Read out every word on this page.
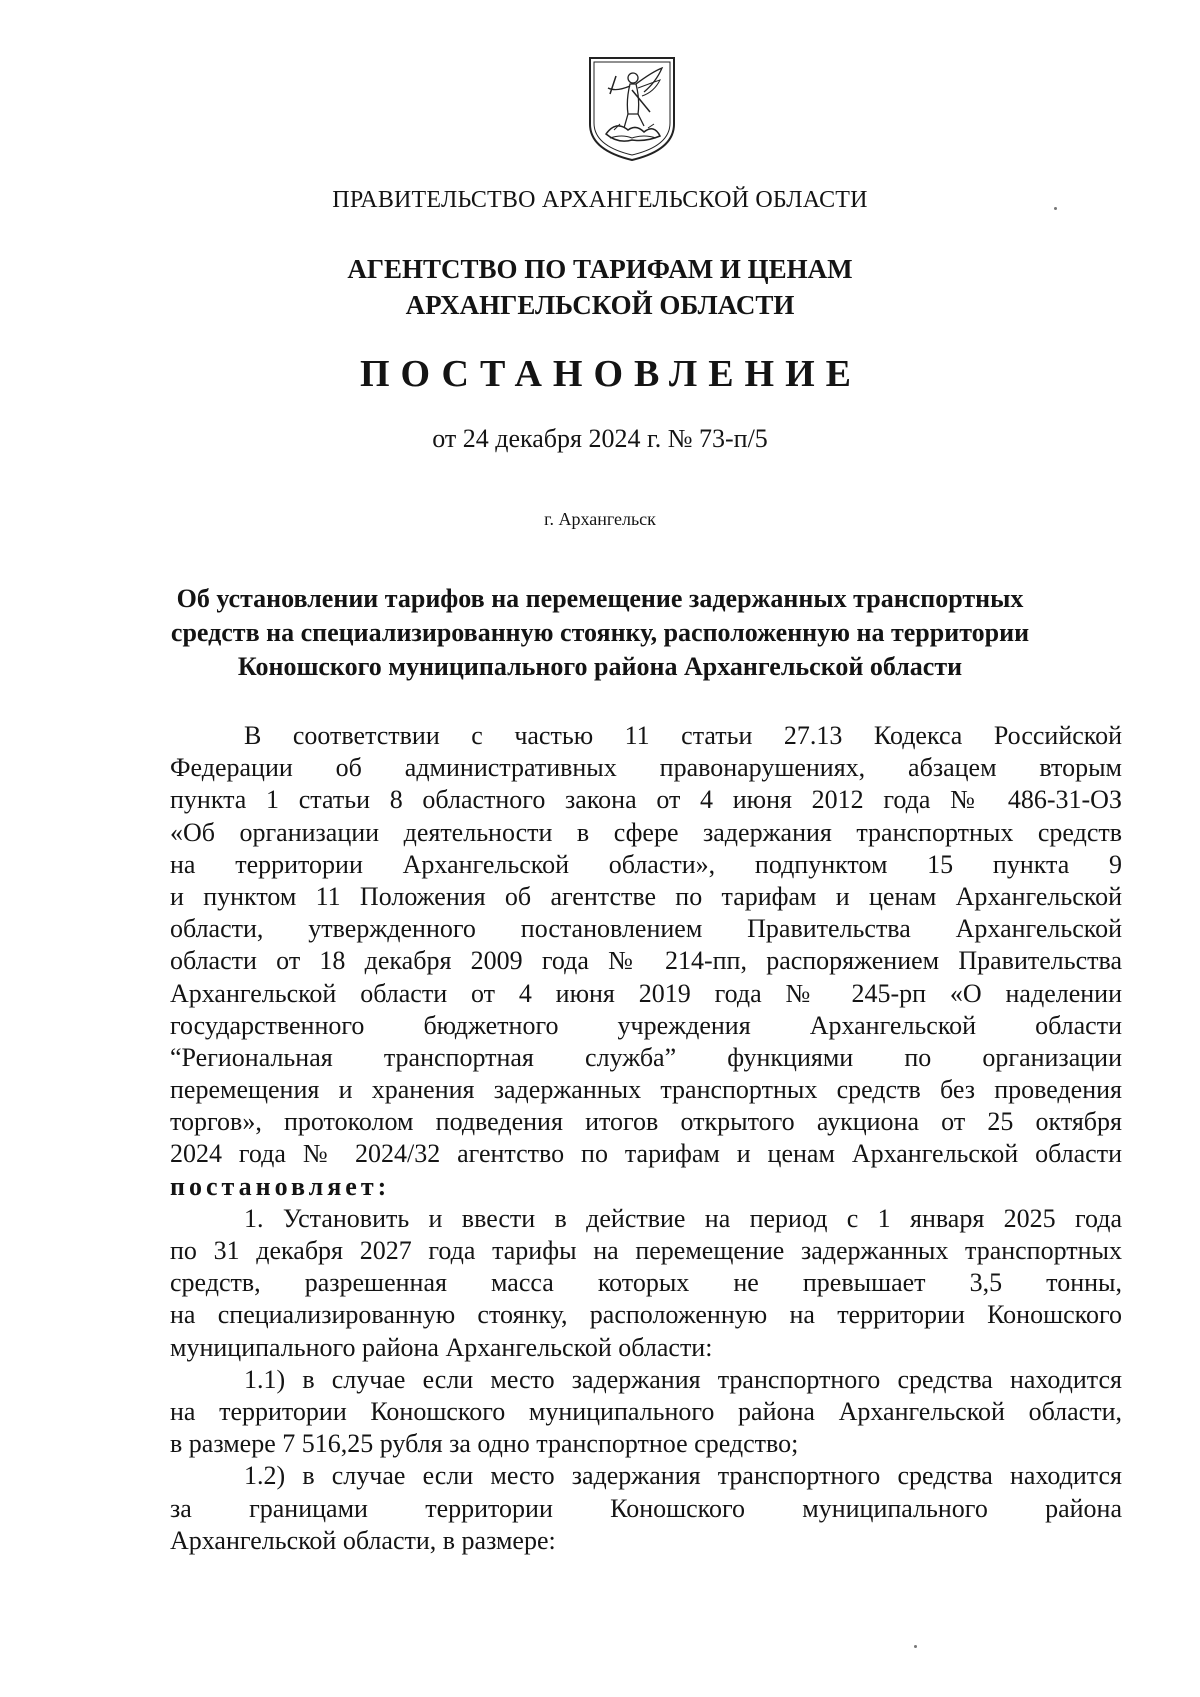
ПРАВИТЕЛЬСТВО АРХАНГЕЛЬСКОЙ ОБЛАСТИ
АГЕНТСТВО ПО ТАРИФАМ И ЦЕНАМ
АРХАНГЕЛЬСКОЙ ОБЛАСТИ
ПОСТАНОВЛЕНИЕ
от 24 декабря 2024 г. № 73-п/5
г. Архангельск
Об установлении тарифов на перемещение задержанных транспортных
средств на специализированную стоянку, расположенную на территории
Коношского муниципального района Архангельской области
В соответствии с частью 11 статьи 27.13 Кодекса Российской
Федерации об административных правонарушениях, абзацем вторым
пункта 1 статьи 8 областного закона от 4 июня 2012 года № 486-31-ОЗ
«Об организации деятельности в сфере задержания транспортных средств
на территории Архангельской области», подпунктом 15 пункта 9
и пунктом 11 Положения об агентстве по тарифам и ценам Архангельской
области, утвержденного постановлением Правительства Архангельской
области от 18 декабря 2009 года № 214-пп, распоряжением Правительства
Архангельской области от 4 июня 2019 года № 245-рп «О наделении
государственного бюджетного учреждения Архангельской области
“Региональная транспортная служба” функциями по организации
перемещения и хранения задержанных транспортных средств без проведения
торгов», протоколом подведения итогов открытого аукциона от 25 октября
2024 года № 2024/32 агентство по тарифам и ценам Архангельской области
постановляет:
1. Установить и ввести в действие на период с 1 января 2025 года
по 31 декабря 2027 года тарифы на перемещение задержанных транспортных
средств, разрешенная масса которых не превышает 3,5 тонны,
на специализированную стоянку, расположенную на территории Коношского
муниципального района Архангельской области:
1.1) в случае если место задержания транспортного средства находится
на территории Коношского муниципального района Архангельской области,
в размере 7 516,25 рубля за одно транспортное средство;
1.2) в случае если место задержания транспортного средства находится
за границами территории Коношского муниципального района
Архангельской области, в размере:
